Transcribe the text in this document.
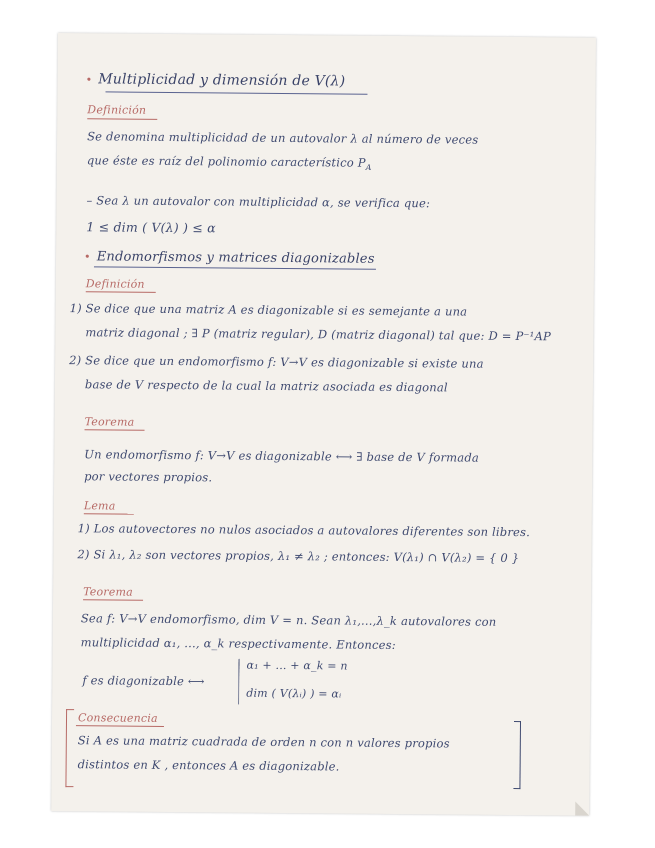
• Multiplicidad y dimensión de V(λ)
Definición
Se denomina multiplicidad de un autovalor λ al número de veces
que éste es raíz del polinomio característico $P_A$
– Sea λ un autovalor con multiplicidad α, se verifica que:
1 ≤ dim ( V(λ) ) ≤ α
• Endomorfismos y matrices diagonizables
Definición
1) Se dice que una matriz A es diagonizable si es semejante a una
matriz diagonal ; ∃ P (matriz regular), D (matriz diagonal) tal que: D = P⁻¹AP
2) Se dice que un endomorfismo f: V→V es diagonizable si existe una
base de V respecto de la cual la matriz asociada es diagonal
Teorema
Un endomorfismo f: V→V es diagonizable ⟷ ∃ base de V formada
por vectores propios.
Lema
1) Los autovectores no nulos asociados a autovalores diferentes son libres.
2) Si λ₁, λ₂ son vectores propios, λ₁ ≠ λ₂ ; entonces: V(λ₁) ∩ V(λ₂) = { 0 }
Teorema
Sea f: V→V endomorfismo, dim V = n. Sean λ₁,...,λ_k autovalores con
multiplicidad α₁, ..., α_k respectivamente. Entonces:
f es diagonizable ⟷
α₁ + ... + α_k = n
dim ( V(λᵢ) ) = αᵢ
Consecuencia
Si A es una matriz cuadrada de orden n con n valores propios
distintos en K , entonces A es diagonizable.
